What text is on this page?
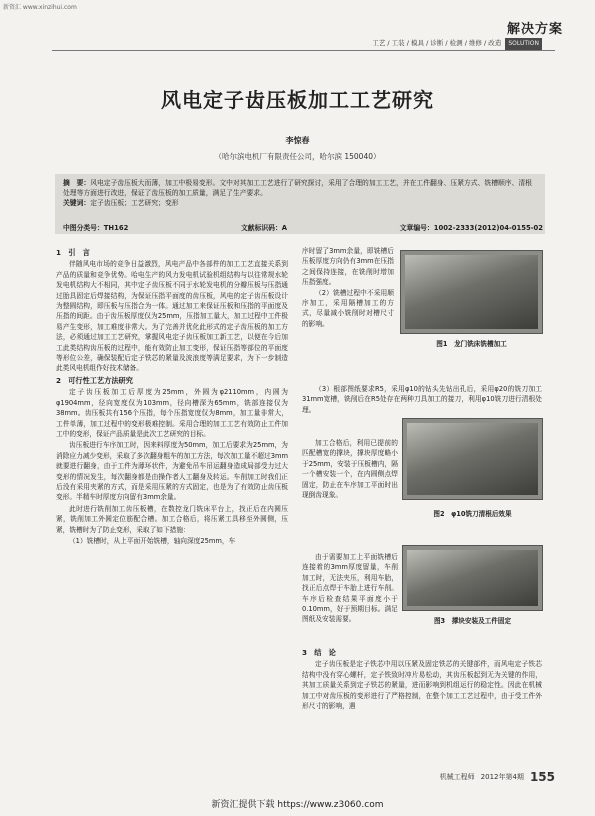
新资汇 www.xinzihui.com
解决方案
工艺 / 工装 / 模具 / 诊断 / 检测 / 维修 / 改造 SOLUTION
风电定子齿压板加工工艺研究
李惊春
（哈尔滨电机厂有限责任公司，哈尔滨 150040）
摘　要：风电定子齿压板大而薄，加工中极易变形。文中对其加工工艺进行了研究探讨，采用了合理的加工工艺，并在工件翻身、压紧方式、铣槽顺序、清根处理等方面进行改进，保证了齿压板的加工质量，满足了生产要求。
关键词：定子齿压板；工艺研究；变形
中图分类号：TH162	文献标识码：A	文章编号：1002-2333(2012)04-0155-02
1　引　言
伴随风电市场的竞争日益激烈，风电产品中各部件的加工工艺直接关系到产品的质量和竞争优势。哈电生产的风力发电机试验机组结构与以往常规水轮发电机结构大不相同，其中定子齿压板不同于水轮发电机的分瓣压板与压指通过胎具固定后焊接结构，为保证压指平面度的齿压板，风电的定子齿压板设计为整圆结构，即压板与压指合为一体。通过加工来保证压板和压指的平面度及压指的间距。由于齿压板厚度仅为25mm，压指加工量大，加工过程中工件极易产生变形，加工难度非常大。为了完善并优化此形式的定子齿压板的加工方法，必须通过加工工艺研究，掌握风电定子齿压板加工新工艺，以便在今后加工此类结构齿压板的过程中，能有效防止加工变形，保证压指等部位的平面度等形位公差，确保装配后定子铁芯的紧量及波浪度等满足要求，为下一步制造此类风电机组作好技术储备。
2　可行性工艺方法研究
定子齿压板加工后厚度为25mm，外圆为φ2110mm，内圆为φ1904mm，径向宽度仅为103mm，径向槽深为65mm，铣部连接仅为38mm。齿压板共有156个压指，每个压指宽度仅为8mm，加工量非常大，工件单薄，加工过程中的变形极难控制。采用合理的加工工艺有效防止工件加工中的变形，保证产品质量是此次工艺研究的目标。
齿压板进行车序加工时，因来料厚度为50mm，加工后要求为25mm，为消除应力减少变形，采取了多次翻身粗车的加工方法，每次加工量不超过3mm就要进行翻身，由于工件为薄环状件，为避免吊车吊运翻身造成局部受力过大变形的情况发生，每次翻身都是由操作者人工翻身及转运。车削加工时我们正后没有采用夹紧的方式，而是采用压紧的方式固定，也是为了有效防止齿压板变形。半精车时厚度方向留有3mm余量。
此时进行铣削加工齿压板槽，在数控龙门铣床平台上，找正后在内圆压紧，铣削加工外圆定位筋配合槽。加工合格后，将压紧工具移至外圆侧，压紧，铣槽时为了防止变形，采取了如下措施：
（1）铣槽时，从上平面开始铣槽，轴向深度25mm，车
序时留了3mm余量，即铣槽后压板厚度方向仍有3mm在压指之间保持连接，在铣削时增加压指强度。
（2）铣槽过程中不采用顺序加工，采用隔槽加工的方式，尽量减小铣削时对槽尺寸的影响。
（3）根部图纸要求R5，采用φ10的钻头先钻出孔后，采用φ20的铣刀加工31mm宽槽，铣削后在R5处存在两种刀具加工的接刀，利用φ10铣刀进行清根处理。
加工合格后，利用已提前的匹配槽宽的撑块，撑块厚度略小于25mm，安装于压板槽内，隔一个槽安装一个，在内圆侧点焊固定，防止在车序加工平面时出现倒齿现象。
由于需要加工上平面铣槽后连接着的3mm厚度留量，车削加工时，无法夹压，利用车胎，找正后点焊于车胎上进行车削。车序后检查结果平面度小于0.10mm，好于预期目标。满足图纸及安装需要。
3　结　论
定子齿压板是定子铁芯中用以压紧及固定铁芯的关键部件，而风电定子铁芯结构中没有穿心螺杆，定子铁致时冲片易松动，其齿压板起到无为关键的作用，其加工质量关系到定子铁芯的紧量，进而影响到机组运行的稳定性。因此在机械加工中对齿压板的变形进行了严格控制，在整个加工工艺过程中，由于受工件外形尺寸的影响，遇
图1　龙门铣床铣槽加工
图2　φ10铣刀清根后效果
图3　撑块安装及工件固定
机械工程师 2012年第4期 155
新资汇提供下载 https://www.z3060.com
